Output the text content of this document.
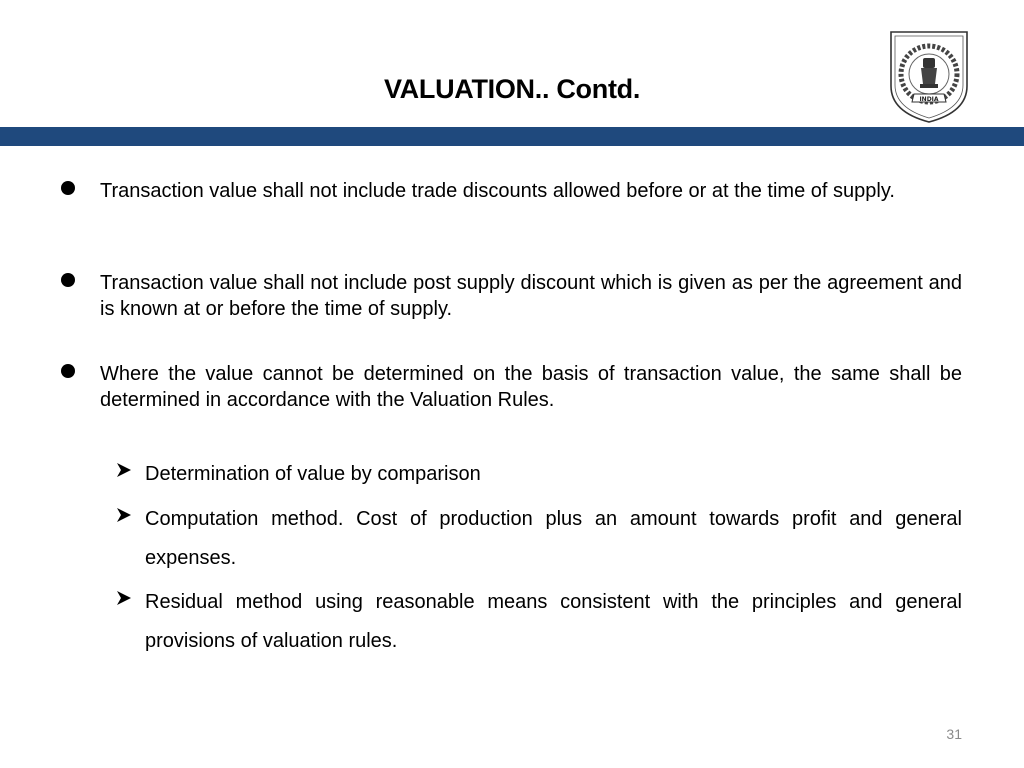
VALUATION.. Contd.	INDIA
Transaction value shall not include trade discounts allowed before or at the time of supply.
Transaction value shall not include post supply discount which is given as per the agreement and is known at or before the time of supply.
Where the value cannot be determined on the basis of transaction value, the same shall be determined in accordance with the Valuation Rules.
Determination of value by comparison
Computation method. Cost of production plus an amount towards profit and general expenses.
Residual method using reasonable means consistent with the principles and general provisions of valuation rules.
31
